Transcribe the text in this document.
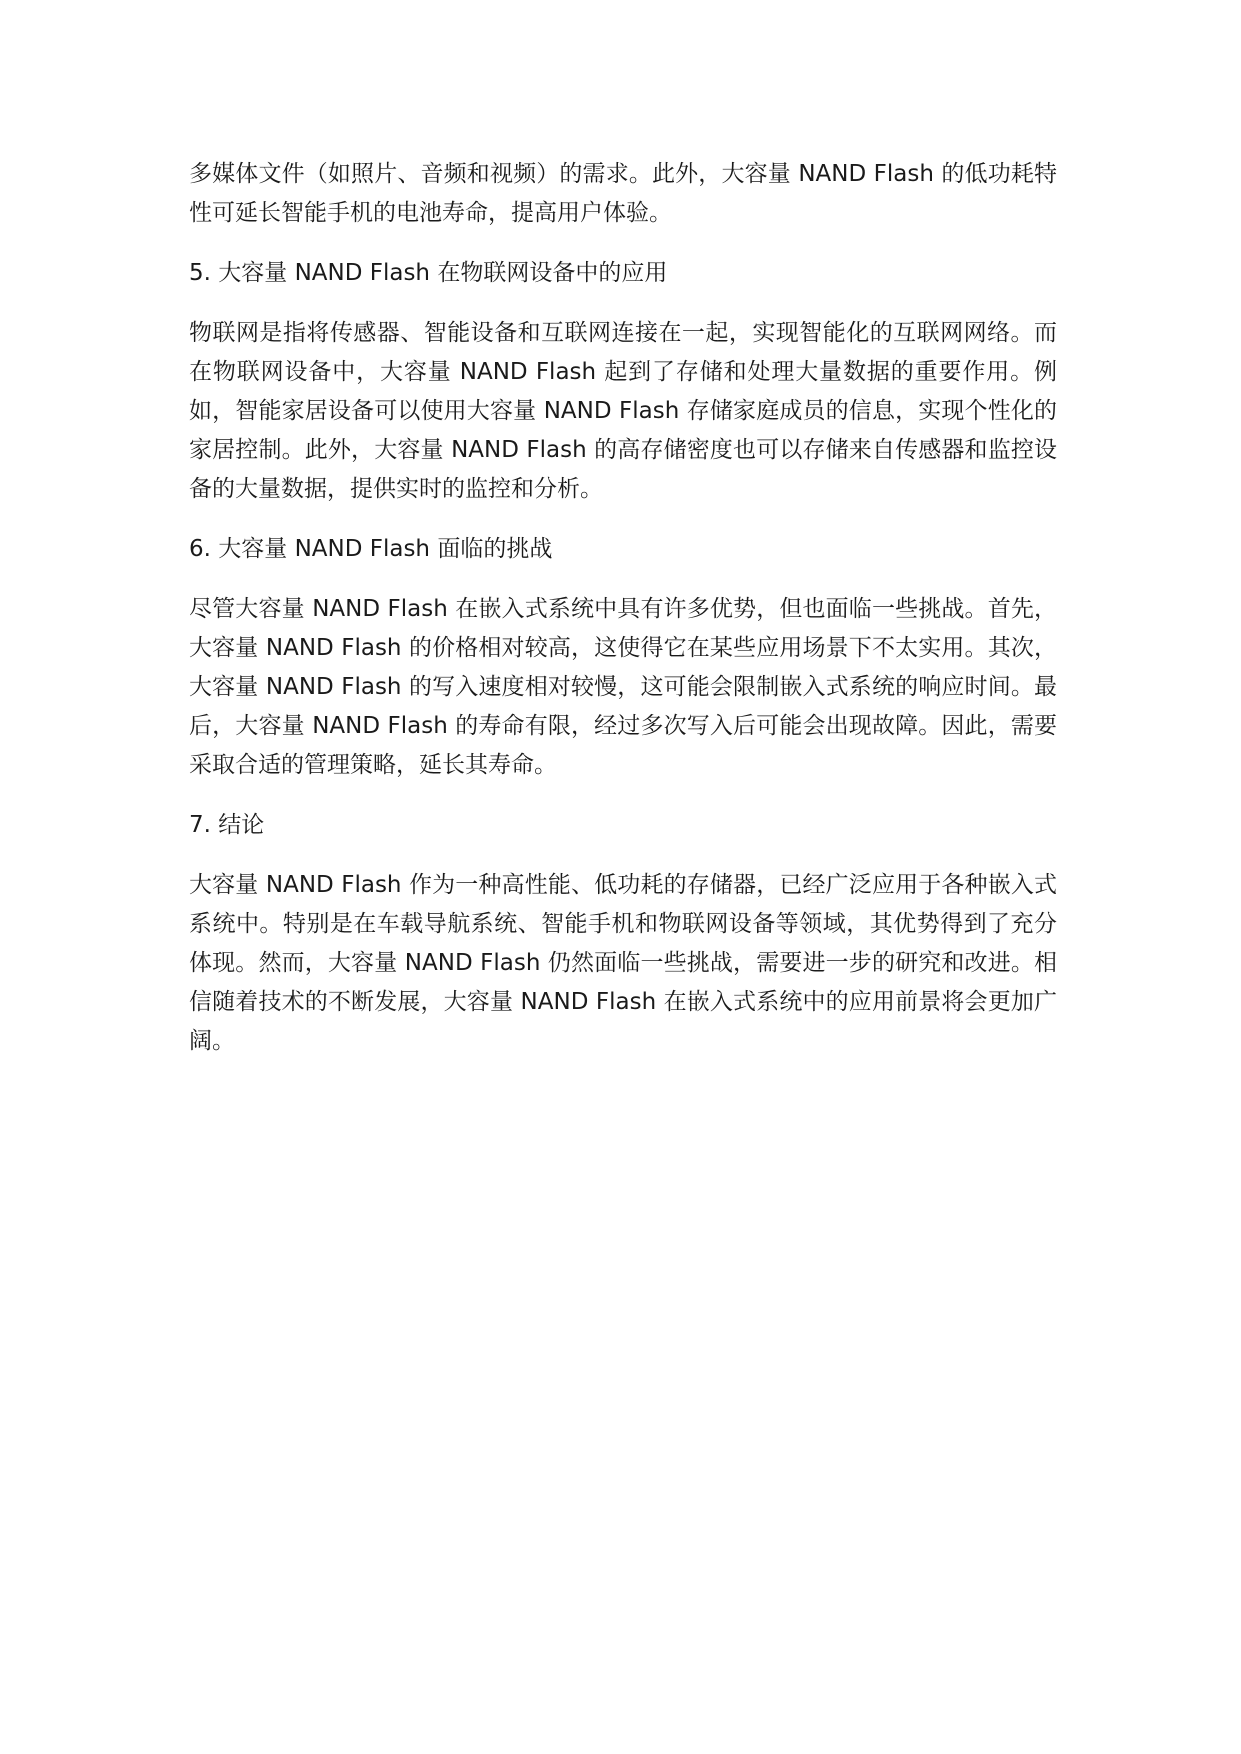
多媒体文件（如照片、音频和视频）的需求。此外，大容量 NAND Flash 的低功耗特性可延长智能手机的电池寿命，提高用户体验。

5. 大容量 NAND Flash 在物联网设备中的应用

物联网是指将传感器、智能设备和互联网连接在一起，实现智能化的互联网网络。而在物联网设备中，大容量 NAND Flash 起到了存储和处理大量数据的重要作用。例如，智能家居设备可以使用大容量 NAND Flash 存储家庭成员的信息，实现个性化的家居控制。此外，大容量 NAND Flash 的高存储密度也可以存储来自传感器和监控设备的大量数据，提供实时的监控和分析。

6. 大容量 NAND Flash 面临的挑战

尽管大容量 NAND Flash 在嵌入式系统中具有许多优势，但也面临一些挑战。首先，大容量 NAND Flash 的价格相对较高，这使得它在某些应用场景下不太实用。其次，大容量 NAND Flash 的写入速度相对较慢，这可能会限制嵌入式系统的响应时间。最后，大容量 NAND Flash 的寿命有限，经过多次写入后可能会出现故障。因此，需要采取合适的管理策略，延长其寿命。

7. 结论

大容量 NAND Flash 作为一种高性能、低功耗的存储器，已经广泛应用于各种嵌入式系统中。特别是在车载导航系统、智能手机和物联网设备等领域，其优势得到了充分体现。然而，大容量 NAND Flash 仍然面临一些挑战，需要进一步的研究和改进。相信随着技术的不断发展，大容量 NAND Flash 在嵌入式系统中的应用前景将会更加广阔。
